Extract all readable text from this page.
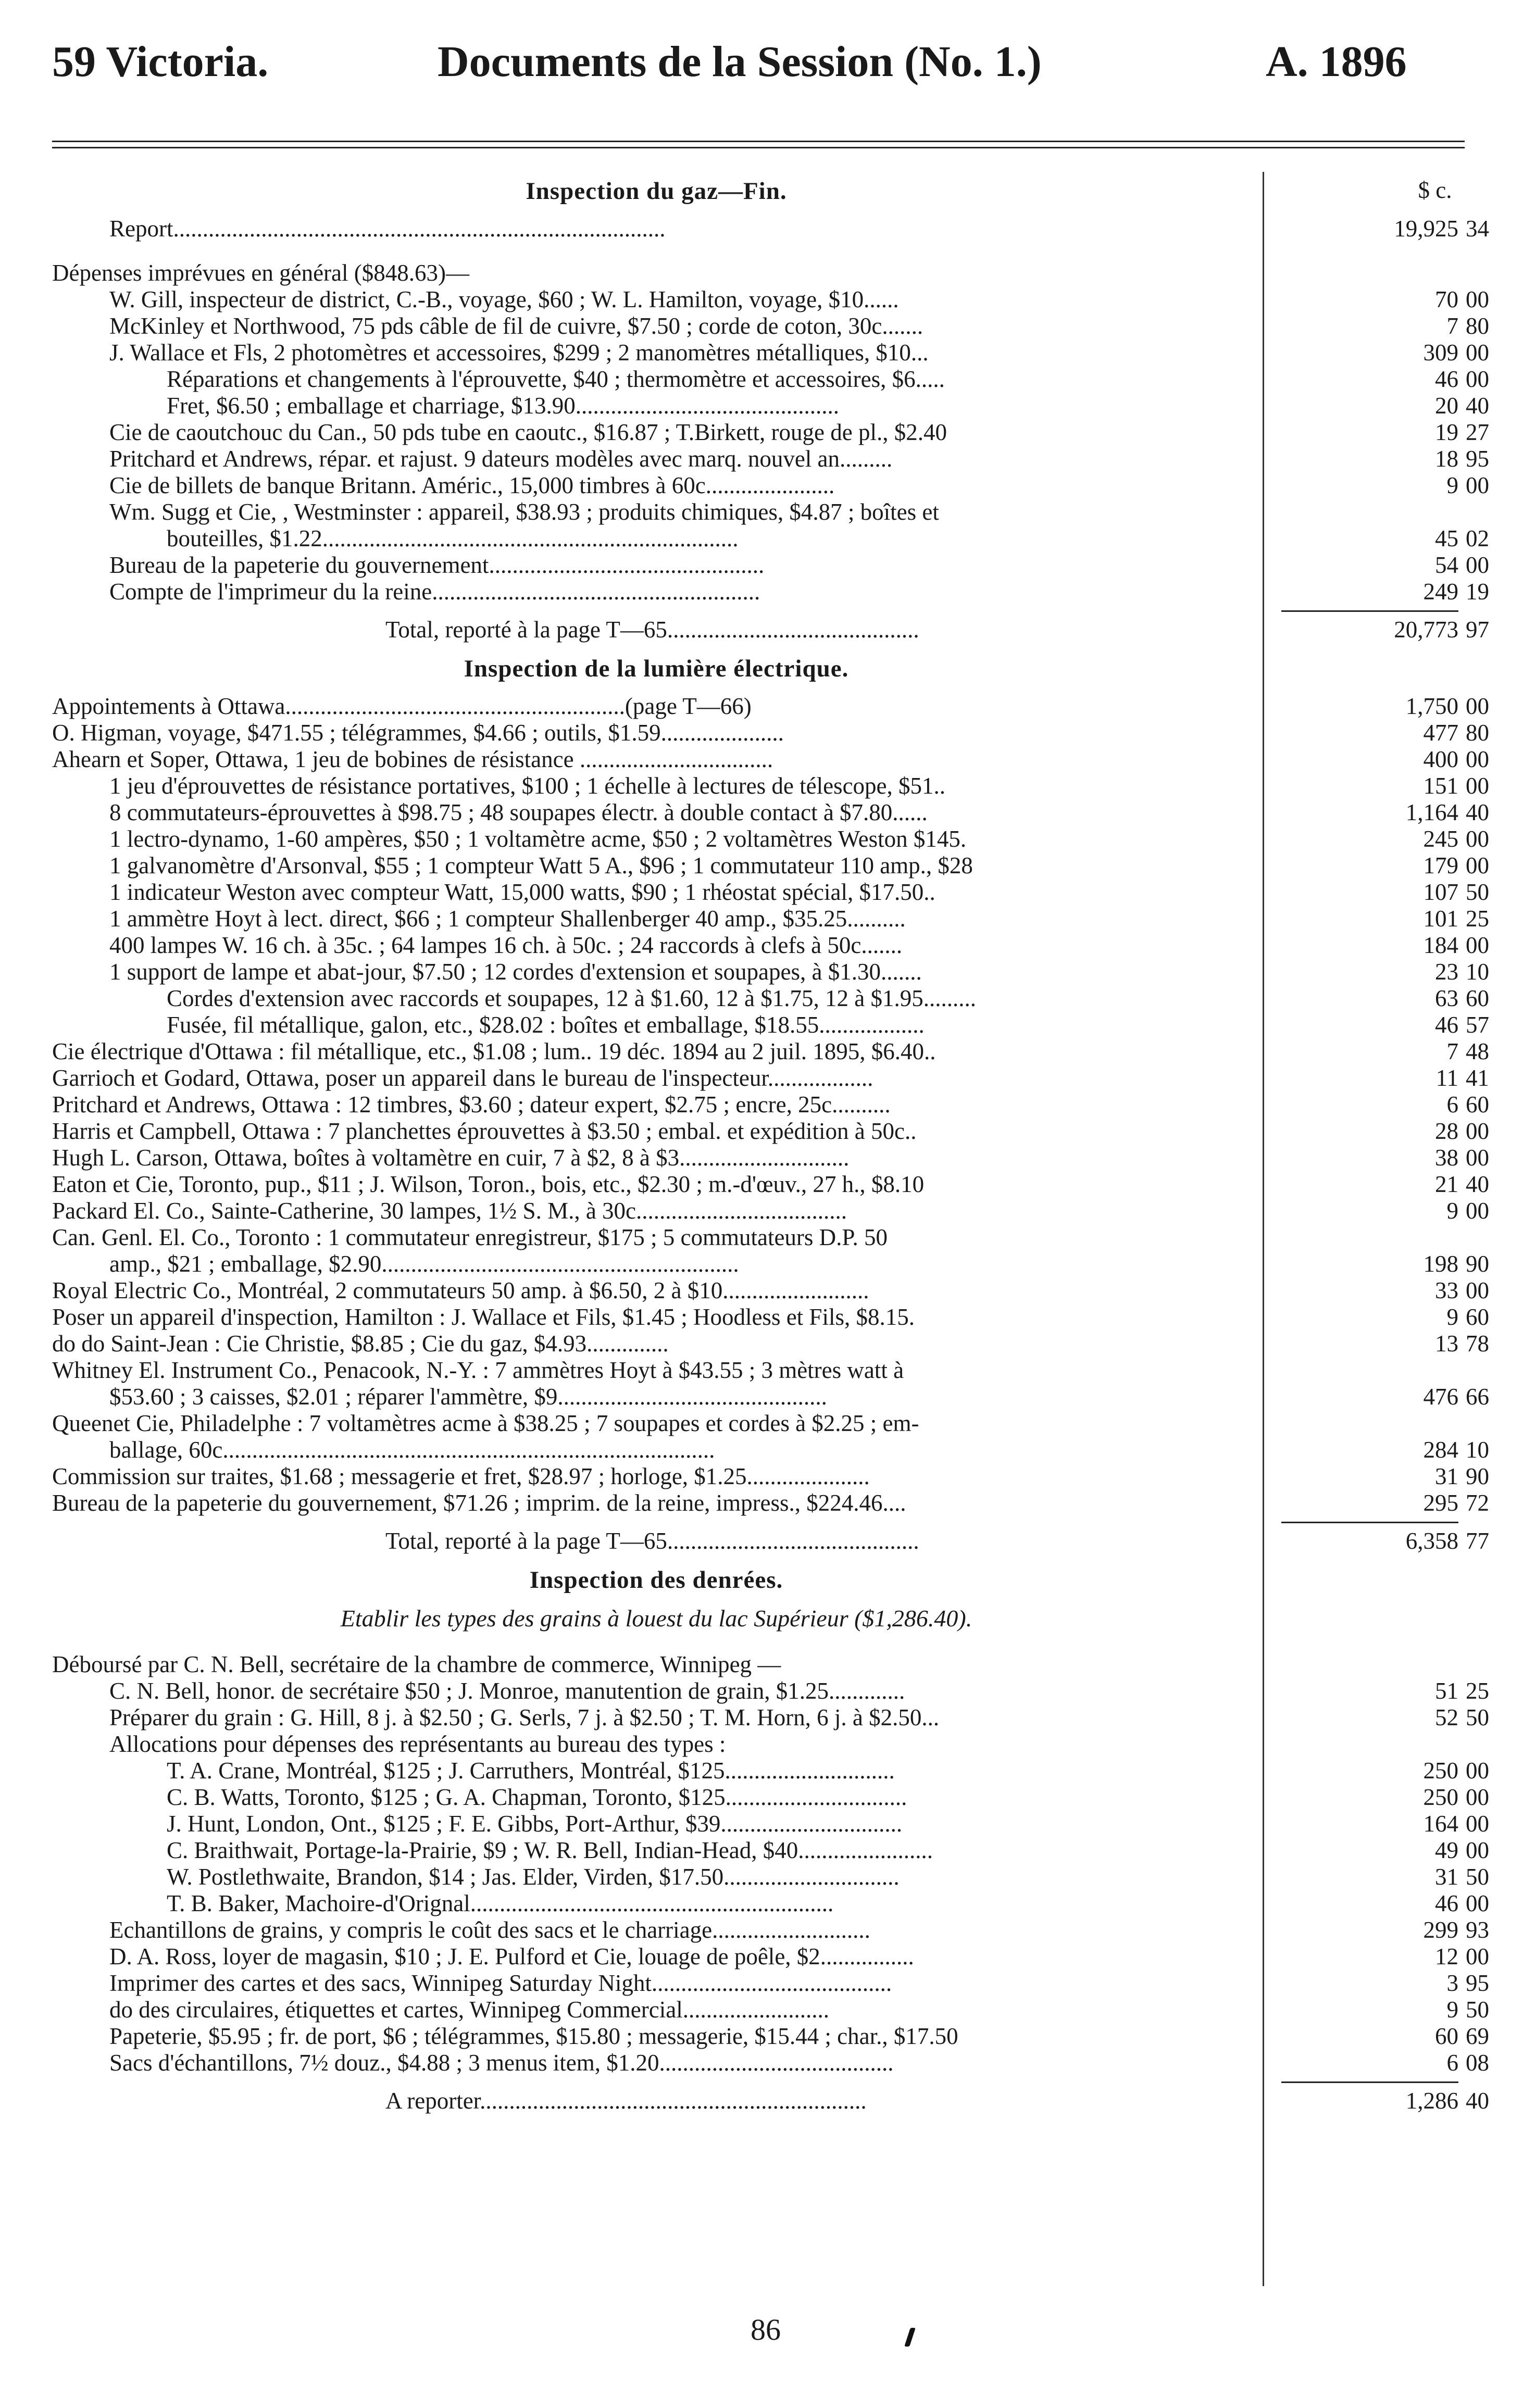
59 Victoria.	Documents de la Session (No. 1.)	A. 1896
Inspection du gaz—Fin.	$ c.
Report....................................................................................	19,925 34
Dépenses imprévues en général ($848.63)—
W. Gill, inspecteur de district, C.-B., voyage, $60 ; W. L. Hamilton, voyage, $10......	70 00
McKinley et Northwood, 75 pds câble de fil de cuivre, $7.50 ; corde de coton, 30c.......	7 80
J. Wallace et Fls, 2 photomètres et accessoires, $299 ; 2 manomètres métalliques, $10...	309 00
Réparations et changements à l'éprouvette, $40 ; thermomètre et accessoires, $6.....	46 00
Fret, $6.50 ; emballage et charriage, $13.90.............................................	20 40
Cie de caoutchouc du Can., 50 pds tube en caoutc., $16.87 ; T.Birkett, rouge de pl., $2.40	19 27
Pritchard et Andrews, répar. et rajust. 9 dateurs modèles avec marq. nouvel an.........	18 95
Cie de billets de banque Britann. Améric., 15,000 timbres à 60c......................	9 00
Wm. Sugg et Cie, , Westminster : appareil, $38.93 ; produits chimiques, $4.87 ; boîtes et
bouteilles, $1.22.......................................................................	45 02
Bureau de la papeterie du gouvernement...............................................	54 00
Compte de l'imprimeur du la reine........................................................	249 19
Total, reporté à la page T—65...........................................	20,773 97
Inspection de la lumière électrique.
Appointements à Ottawa..........................................................(page T—66)	1,750 00
O. Higman, voyage, $471.55 ; télégrammes, $4.66 ; outils, $1.59.....................	477 80
Ahearn et Soper, Ottawa, 1 jeu de bobines de résistance .................................	400 00
1 jeu d'éprouvettes de résistance portatives, $100 ; 1 échelle à lectures de télescope, $51..	151 00
8 commutateurs-éprouvettes à $98.75 ; 48 soupapes électr. à double contact à $7.80......	1,164 40
1 lectro-dynamo, 1-60 ampères, $50 ; 1 voltamètre acme, $50 ; 2 voltamètres Weston $145.	245 00
1 galvanomètre d'Arsonval, $55 ; 1 compteur Watt 5 A., $96 ; 1 commutateur 110 amp., $28	179 00
1 indicateur Weston avec compteur Watt, 15,000 watts, $90 ; 1 rhéostat spécial, $17.50..	107 50
1 ammètre Hoyt à lect. direct, $66 ; 1 compteur Shallenberger 40 amp., $35.25..........	101 25
400 lampes W. 16 ch. à 35c. ; 64 lampes 16 ch. à 50c. ; 24 raccords à clefs à 50c.......	184 00
1 support de lampe et abat-jour, $7.50 ; 12 cordes d'extension et soupapes, à $1.30.......	23 10
Cordes d'extension avec raccords et soupapes, 12 à $1.60, 12 à $1.75, 12 à $1.95.........	63 60
Fusée, fil métallique, galon, etc., $28.02 : boîtes et emballage, $18.55..................	46 57
Cie électrique d'Ottawa : fil métallique, etc., $1.08 ; lum.. 19 déc. 1894 au 2 juil. 1895, $6.40..	7 48
Garrioch et Godard, Ottawa, poser un appareil dans le bureau de l'inspecteur..................	11 41
Pritchard et Andrews, Ottawa : 12 timbres, $3.60 ; dateur expert, $2.75 ; encre, 25c..........	6 60
Harris et Campbell, Ottawa : 7 planchettes éprouvettes à $3.50 ; embal. et expédition à 50c..	28 00
Hugh L. Carson, Ottawa, boîtes à voltamètre en cuir, 7 à $2, 8 à $3.............................	38 00
Eaton et Cie, Toronto, pup., $11 ; J. Wilson, Toron., bois, etc., $2.30 ; m.-d'œuv., 27 h., $8.10	21 40
Packard El. Co., Sainte-Catherine, 30 lampes, 1½ S. M., à 30c....................................	9 00
Can. Genl. El. Co., Toronto : 1 commutateur enregistreur, $175 ; 5 commutateurs D.P. 50
amp., $21 ; emballage, $2.90.............................................................	198 90
Royal Electric Co., Montréal, 2 commutateurs 50 amp. à $6.50, 2 à $10.........................	33 00
Poser un appareil d'inspection, Hamilton : J. Wallace et Fils, $1.45 ; Hoodless et Fils, $8.15.	9 60
do do Saint-Jean : Cie Christie, $8.85 ; Cie du gaz, $4.93..............	13 78
Whitney El. Instrument Co., Penacook, N.-Y. : 7 ammètres Hoyt à $43.55 ; 3 mètres watt à
$53.60 ; 3 caisses, $2.01 ; réparer l'ammètre, $9..............................................	476 66
Queenet Cie, Philadelphe : 7 voltamètres acme à $38.25 ; 7 soupapes et cordes à $2.25 ; em-
ballage, 60c....................................................................................	284 10
Commission sur traites, $1.68 ; messagerie et fret, $28.97 ; horloge, $1.25.....................	31 90
Bureau de la papeterie du gouvernement, $71.26 ; imprim. de la reine, impress., $224.46....	295 72
Total, reporté à la page T—65...........................................	6,358 77
Inspection des denrées.
Etablir les types des grains à louest du lac Supérieur ($1,286.40).
Déboursé par C. N. Bell, secrétaire de la chambre de commerce, Winnipeg —
C. N. Bell, honor. de secrétaire $50 ; J. Monroe, manutention de grain, $1.25.............	51 25
Préparer du grain : G. Hill, 8 j. à $2.50 ; G. Serls, 7 j. à $2.50 ; T. M. Horn, 6 j. à $2.50...	52 50
Allocations pour dépenses des représentants au bureau des types :
T. A. Crane, Montréal, $125 ; J. Carruthers, Montréal, $125.............................	250 00
C. B. Watts, Toronto, $125 ; G. A. Chapman, Toronto, $125...............................	250 00
J. Hunt, London, Ont., $125 ; F. E. Gibbs, Port-Arthur, $39...............................	164 00
C. Braithwait, Portage-la-Prairie, $9 ; W. R. Bell, Indian-Head, $40.......................	49 00
W. Postlethwaite, Brandon, $14 ; Jas. Elder, Virden, $17.50..............................	31 50
T. B. Baker, Machoire-d'Orignal..............................................................	46 00
Echantillons de grains, y compris le coût des sacs et le charriage...........................	299 93
D. A. Ross, loyer de magasin, $10 ; J. E. Pulford et Cie, louage de poêle, $2................	12 00
Imprimer des cartes et des sacs, Winnipeg Saturday Night.........................................	3 95
do des circulaires, étiquettes et cartes, Winnipeg Commercial.........................	9 50
Papeterie, $5.95 ; fr. de port, $6 ; télégrammes, $15.80 ; messagerie, $15.44 ; char., $17.50	60 69
Sacs d'échantillons, 7½ douz., $4.88 ; 3 menus item, $1.20........................................	6 08
A reporter..................................................................	1,286 40
86
